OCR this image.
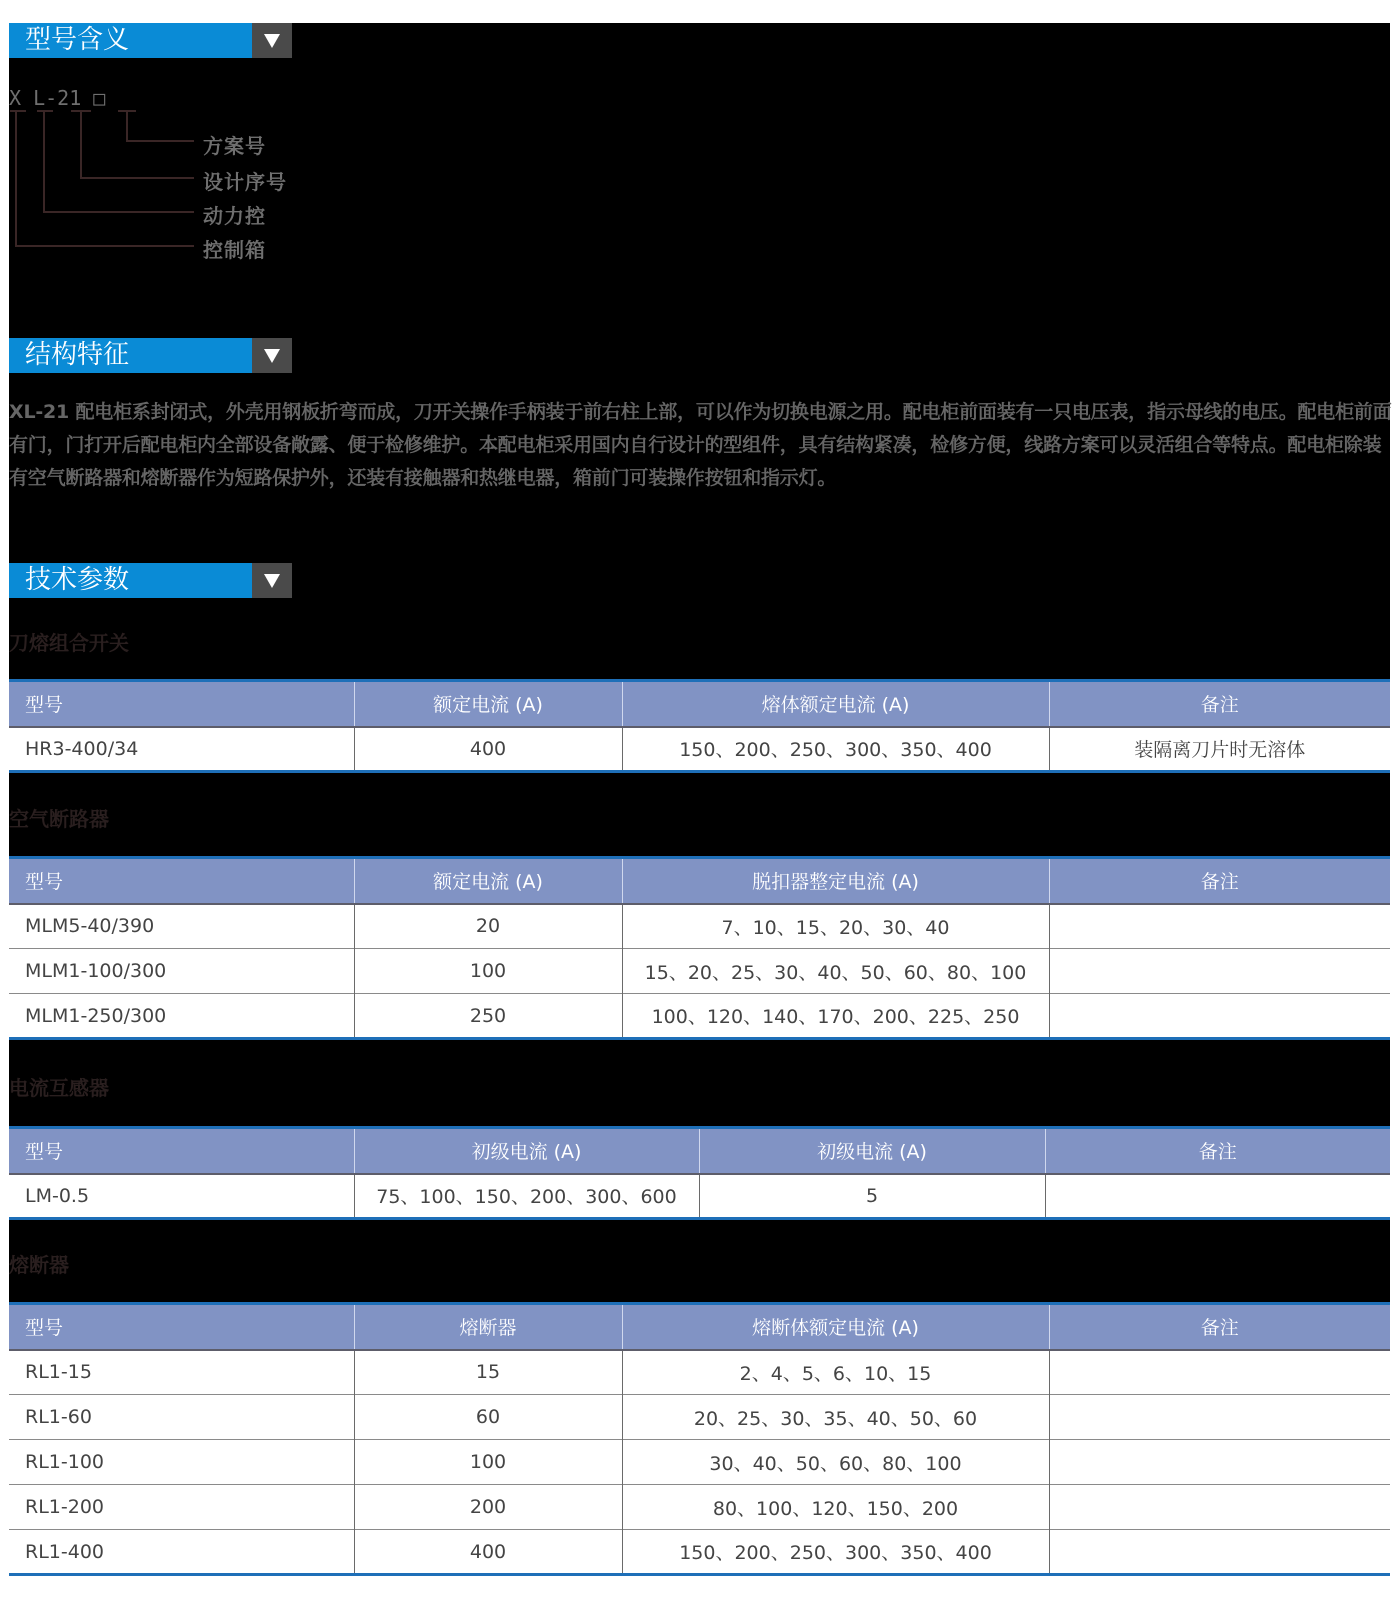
型号含义
X L-21 □
方案号
设计序号
动力控
控制箱
结构特征

XL-21 配电柜系封闭式，外壳用钢板折弯而成，刀开关操作手柄装于前右柱上部，可以作为切换电源之用。配电柜前面装有一只电压表，指示母线的电压。配电柜前面有门，门打开后配电柜内全部设备敞露、便于检修维护。本配电柜采用国内自行设计的型组件，具有结构紧凑，检修方便，线路方案可以灵活组合等特点。配电柜除装有空气断路器和熔断器作为短路保护外，还装有接触器和热继电器，箱前门可装操作按钮和指示灯。

技术参数
刀熔组合开关
型号	额定电流 (A)	熔体额定电流 (A)	备注
HR3-400/34	400	150、200、250、300、350、400	装隔离刀片时无溶体
空气断路器
型号	额定电流 (A)	脱扣器整定电流 (A)	备注
MLM5-40/390	20	7、10、15、20、30、40	
MLM1-100/300	100	15、20、25、30、40、50、60、80、100	
MLM1-250/300	250	100、120、140、170、200、225、250	
电流互感器
型号	初级电流 (A)	初级电流 (A)	备注
LM-0.5	75、100、150、200、300、600	5	
熔断器
型号	熔断器	熔断体额定电流 (A)	备注
RL1-15	15	2、4、5、6、10、15	
RL1-60	60	20、25、30、35、40、50、60	
RL1-100	100	30、40、50、60、80、100	
RL1-200	200	80、100、120、150、200	
RL1-400	400	150、200、250、300、350、400	
